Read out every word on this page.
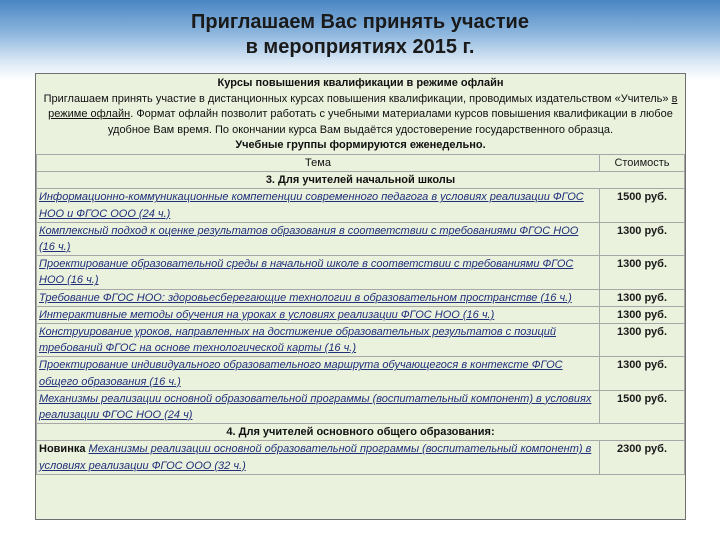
Приглашаем Вас принять участие
в мероприятиях 2015 г.
Курсы повышения квалификации в режиме офлайн
Приглашаем принять участие в дистанционных курсах повышения квалификации, проводимых издательством «Учитель» в режиме офлайн. Формат офлайн позволит работать с учебными материалами курсов повышения квалификации в любое удобное Вам время. По окончании курса Вам выдаётся удостоверение государственного образца.
Учебные группы формируются еженедельно.
Тема	Стоимость
3. Для учителей начальной школы	
Информационно-коммуникационные компетенции современного педагога в условиях реализации ФГОС НОО и ФГОС ООО (24 ч.)	1500 руб.
Комплексный подход к оценке результатов образования в соответствии с требованиями ФГОС НОО (16 ч.)	1300 руб.
Проектирование образовательной среды в начальной школе в соответствии с требованиями ФГОС НОО (16 ч.)	1300 руб.
Требование ФГОС НОО: здоровьесберегающие технологии в образовательном пространстве (16 ч.)	1300 руб.
Интерактивные методы обучения на уроках в условиях реализации ФГОС НОО (16 ч.)	1300 руб.
Конструирование уроков, направленных на достижение образовательных результатов с позиций требований ФГОС на основе технологической карты (16 ч.)	1300 руб.
Проектирование индивидуального образовательного маршрута обучающегося в контексте ФГОС общего образования (16 ч.)	1300 руб.
Механизмы реализации основной образовательной программы (воспитательный компонент) в условиях реализации ФГОС НОО (24 ч)	1500 руб.
4. Для учителей основного общего образования:	
Новинка Механизмы реализации основной образовательной программы (воспитательный компонент) в условиях реализации ФГОС ООО (32 ч.)	2300 руб.
